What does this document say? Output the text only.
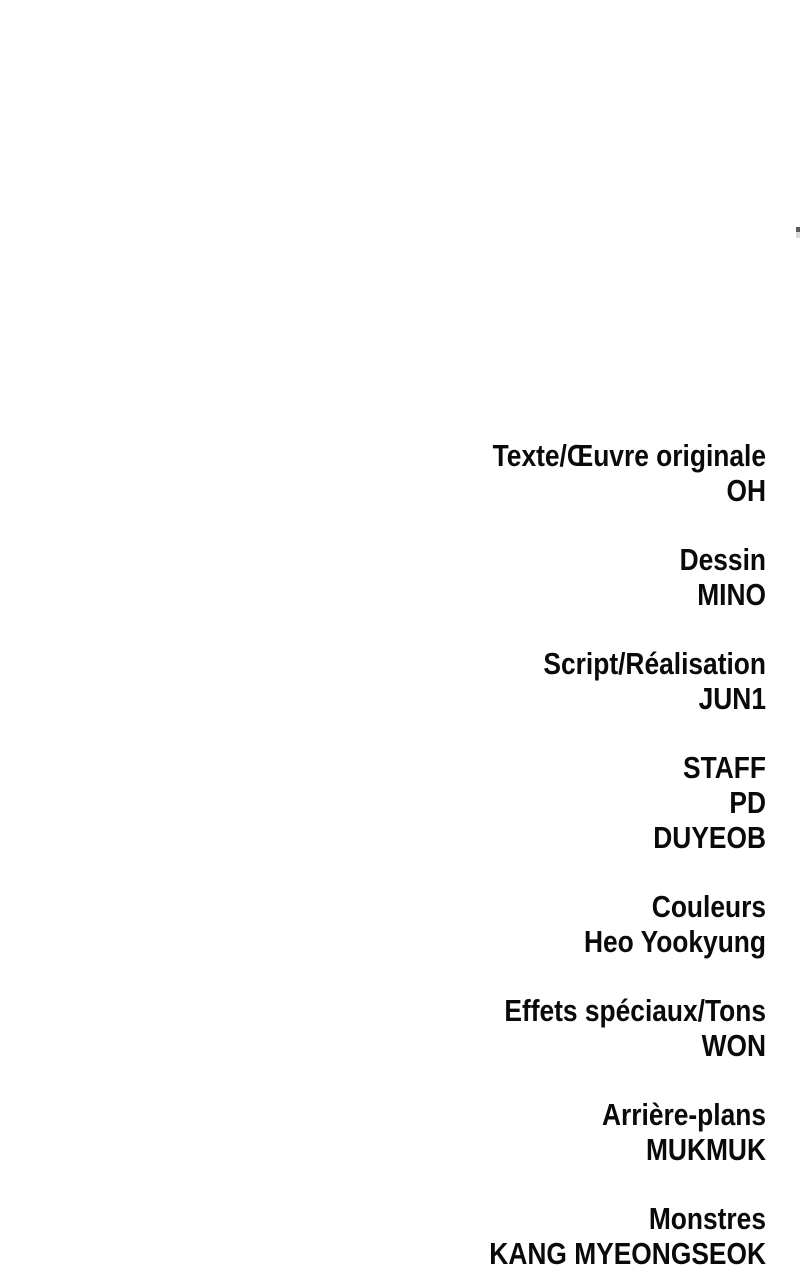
Texte/Œuvre originale
OH
Dessin
MINO
Script/Réalisation
JUN1
STAFF
PD
DUYEOB
Couleurs
Heo Yookyung
Effets spéciaux/Tons
WON
Arrière-plans
MUKMUK
Monstres
KANG MYEONGSEOK
